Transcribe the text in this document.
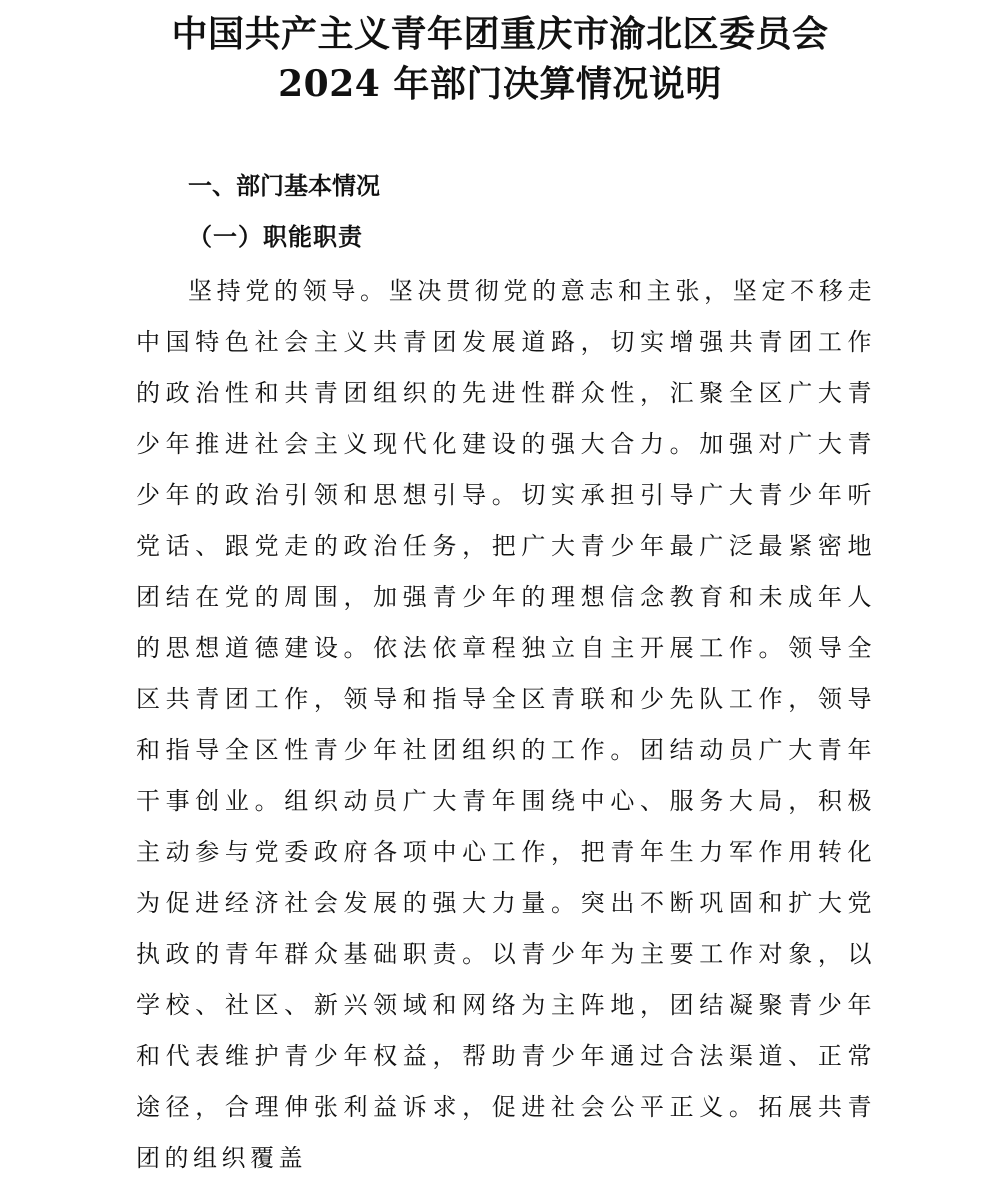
中国共产主义青年团重庆市渝北区委员会
2024 年部门决算情况说明
一、部门基本情况
（一）职能职责

坚持党的领导。坚决贯彻党的意志和主张，坚定不移走中国特色社会主义共青团发展道路，切实增强共青团工作的政治性和共青团组织的先进性群众性，汇聚全区广大青少年推进社会主义现代化建设的强大合力。加强对广大青少年的政治引领和思想引导。切实承担引导广大青少年听党话、跟党走的政治任务，把广大青少年最广泛最紧密地团结在党的周围，加强青少年的理想信念教育和未成年人的思想道德建设。依法依章程独立自主开展工作。领导全区共青团工作，领导和指导全区青联和少先队工作，领导和指导全区性青少年社团组织的工作。团结动员广大青年干事创业。组织动员广大青年围绕中心、服务大局，积极主动参与党委政府各项中心工作，把青年生力军作用转化为促进经济社会发展的强大力量。突出不断巩固和扩大党执政的青年群众基础职责。以青少年为主要工作对象，以学校、社区、新兴领域和网络为主阵地，团结凝聚青少年和代表维护青少年权益，帮助青少年通过合法渠道、正常途径，合理伸张利益诉求，促进社会公平正义。拓展共青团的组织覆盖
